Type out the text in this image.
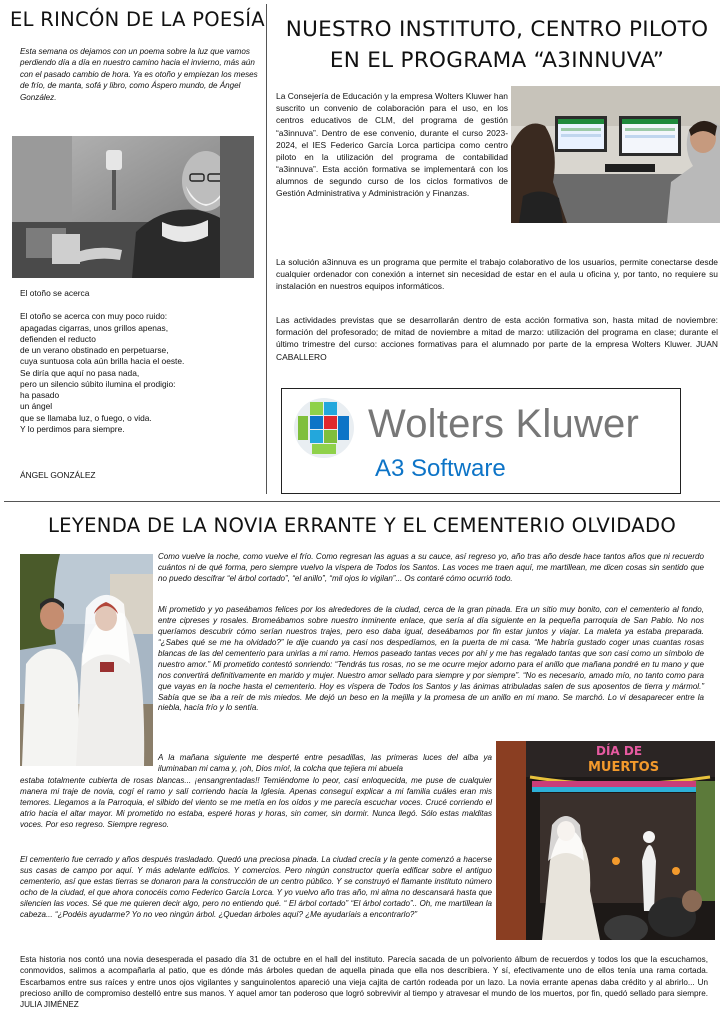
EL RINCÓN DE LA POESÍA

Esta semana os dejamos con un poema sobre la luz que vamos perdiendo día a día en nuestro camino hacia el invierno, más aún con el pasado cambio de hora. Ya es otoño y empiezan los meses de frío, de manta, sofá y libro, como Áspero mundo, de Ángel González.

El otoño se acerca

El otoño se acerca con muy poco ruido:

apagadas cigarras, unos grillos apenas,

defienden el reducto

de un verano obstinado en perpetuarse,

cuya suntuosa cola aún brilla hacia el oeste.

Se diría que aquí no pasa nada,

pero un silencio súbito ilumina el prodigio:

ha pasado

un ángel

que se llamaba luz, o fuego, o vida.

Y lo perdimos para siempre.

ÁNGEL GONZÁLEZ

NUESTRO INSTITUTO, CENTRO PILOTO
EN EL PROGRAMA “A3INNUVA”

La Consejería de Educación y la empresa Wolters Kluwer han suscrito un convenio de colaboración para el uso, en los centros educativos de CLM, del programa de gestión “a3innuva”. Dentro de ese convenio, durante el curso 2023-2024, el IES Federico García Lorca participa como centro piloto en la utilización del programa de contabilidad “a3innuva”. Esta acción formativa se implementará con los alumnos de segundo curso de los ciclos formativos de Gestión Administrativa y Administración y Finanzas.

La solución a3innuva es un programa que permite el trabajo colaborativo de los usuarios, permite conectarse desde cualquier ordenador con conexión a internet sin necesidad de estar en el aula u oficina y, por tanto, no requiere su instalación en nuestros equipos informáticos.

Las actividades previstas que se desarrollarán dentro de esta acción formativa son, hasta mitad de noviembre: formación del profesorado; de mitad de noviembre a mitad de marzo: utilización del programa en clase; durante el último trimestre del curso: acciones formativas para el alumnado por parte de la empresa Wolters Kluwer. JUAN CABALLERO

Wolters Kluwer
A3 Software
LEYENDA DE LA NOVIA ERRANTE Y EL CEMENTERIO OLVIDADO

Como vuelve la noche, como vuelve el frío. Como regresan las aguas a su cauce, así regreso yo, año tras año desde hace tantos años que ni recuerdo cuántos ni de qué forma, pero siempre vuelvo la víspera de Todos los Santos. Las voces me traen aquí, me martillean, me dicen cosas sin sentido que no puedo descifrar “el árbol cortado”, “el anillo”, “mil ojos lo vigilan”... Os contaré cómo ocurrió todo.

Mi prometido y yo paseábamos felices por los alrededores de la ciudad, cerca de la gran pinada. Era un sitio muy bonito, con el cementerio al fondo, entre cipreses y rosales. Bromeábamos sobre nuestro inminente enlace, que sería al día siguiente en la pequeña parroquia de San Pablo. No nos queríamos descubrir cómo serían nuestros trajes, pero eso daba igual, deseábamos por fin estar juntos y viajar. La maleta ya estaba preparada. “¿Sabes qué se me ha olvidado?” le dije cuando ya casi nos despedíamos, en la puerta de mi casa. “Me habría gustado coger unas cuantas rosas blancas de las del cementerio para unirlas a mi ramo. Hemos paseado tantas veces por ahí y me has regalado tantas que son casi como un símbolo de nuestro amor.” Mi prometido contestó sonriendo: “Tendrás tus rosas, no se me ocurre mejor adorno para el anillo que mañana pondré en tu mano y que nos convertirá definitivamente en marido y mujer. Nuestro amor sellado para siempre y por siempre”. “No es necesario, amado mío, no tanto como para que vayas en la noche hasta el cementerio. Hoy es víspera de Todos los Santos y las ánimas atribuladas salen de sus aposentos de tierra y mármol.” Sabía que se iba a reír de mis miedos. Me dejó un beso en la mejilla y la promesa de un anillo en mi mano. Se marchó. Lo vi desaparecer entre la niebla, hacía frío y lo sentía.

A la mañana siguiente me desperté entre pesadillas, las primeras luces del alba ya iluminaban mi cama y, ¡oh, Dios mío!, la colcha que tejiera mi abuela

estaba totalmente cubierta de rosas blancas... ¡ensangrentadas!! Temiéndome lo peor, casi enloquecida, me puse de cualquier manera mi traje de novia, cogí el ramo y salí corriendo hacia la Iglesia. Apenas conseguí explicar a mi familia cuáles eran mis temores. Llegamos a la Parroquia, el silbido del viento se me metía en los oídos y me parecía escuchar voces. Crucé corriendo el atrio hacia el altar mayor. Mi prometido no estaba, esperé horas y horas, sin comer, sin dormir. Nunca llegó. Sólo estas malditas voces. Por eso regreso. Siempre regreso.

El cementerio fue cerrado y años después trasladado. Quedó una preciosa pinada. La ciudad crecía y la gente comenzó a hacerse sus casas de campo por aquí. Y más adelante edificios. Y comercios. Pero ningún constructor quería edificar sobre el antiguo cementerio, así que estas tierras se donaron para la construcción de un centro público. Y se construyó el flamante instituto número ocho de la ciudad, el que ahora conocéis como Federico García Lorca. Y yo vuelvo año tras año, mi alma no descansará hasta que silencien las voces. Sé que me quieren decir algo, pero no entiendo qué. “ El árbol cortado” “El árbol cortado”.. Oh, me martillean la cabeza... “¿Podéis ayudarme? Yo no veo ningún árbol. ¿Quedan árboles aquí? ¿Me ayudaríais a encontrarlo?”

DÍA DE
MUERTOS

Esta historia nos contó una novia desesperada el pasado día 31 de octubre en el hall del instituto. Parecía sacada de un polvoriento álbum de recuerdos y todos los que la escuchamos, conmovidos, salimos a acompañarla al patio, que es dónde más árboles quedan de aquella pinada que ella nos describiera. Y sí, efectivamente uno de ellos tenía una rama cortada. Escarbamos entre sus raíces y entre unos ojos vigilantes y sanguinolentos apareció una vieja cajita de cartón rodeada por un lazo. La novia errante apenas daba crédito y al abrirlo... Un precioso anillo de compromiso destelló entre sus manos. Y aquel amor tan poderoso que logró sobrevivir al tiempo y atravesar el mundo de los muertos, por fin, quedó sellado para siempre. JULIA JIMÉNEZ
